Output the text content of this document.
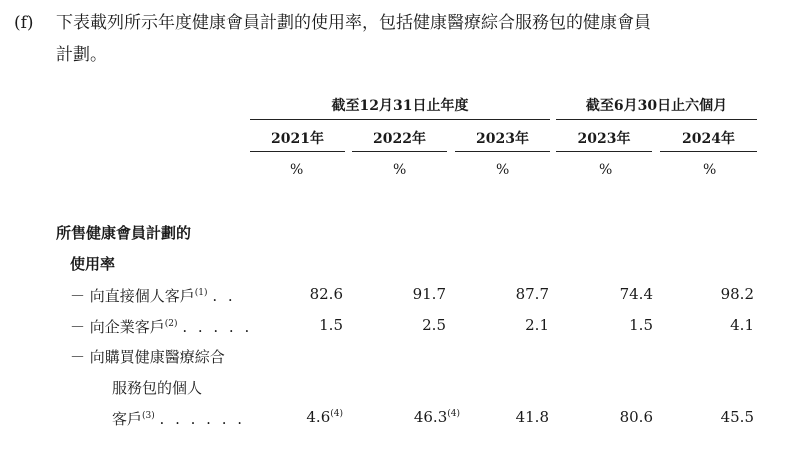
(f) 下表載列所示年度健康會員計劃的使用率，包括健康醫療綜合服務包的健康會員
計劃。
截至12月31日止年度	截至6月30日止六個月
2021年	2022年	2023年	2023年	2024年
%	%	%	%	%
所售健康會員計劃的
使用率
－ 向直接個人客戶$^{(1)}$ . .	82.6	91.7	87.7	74.4	98.2
－ 向企業客戶$^{(2)}$ . . . . .	1.5	2.5	2.1	1.5	4.1
－ 向購買健康醫療綜合
服務包的個人
客戶$^{(3)}$ . . . . . .	4.6$^{(4)}$	46.3$^{(4)}$	41.8	80.6	45.5
